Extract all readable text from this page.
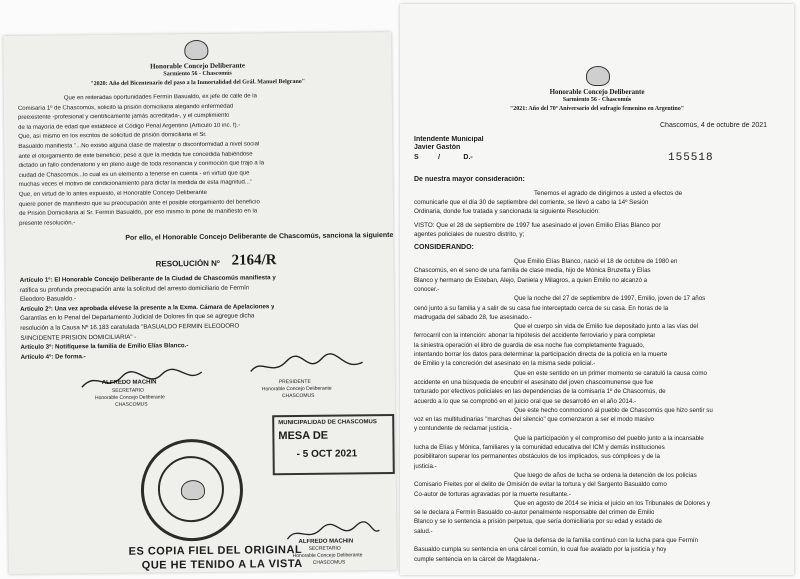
Honorable Concejo Deliberante
Sarmiento 56 - Chascomús
"2020: Año del Bicentenario del paso a la Inmortalidad del Grál. Manuel Belgrano"
Por ello, el Honorable Concejo Deliberante de Chascomús, sanciona la siguiente:
RESOLUCIÓN Nº 2164/R
ALFREDO MACHIN
SECRETARIO
Honorable Concejo Deliberante
CHASCOMUS
PRESIDENTE
Honorable Concejo Deliberante
CHASCOMUS
MUNICIPALIDAD DE CHASCOMUS
MESA DE
- 5 OCT 2021
ES COPIA FIEL DEL ORIGINAL
QUE HE TENIDO A LA VISTA
ALFREDO MACHIN
SECRETARIO
Honorable Concejo Deliberante
CHASCOMUS
Que en reiteradas oportunidades Fermín Basualdo, ex jefe de calle de la
Comisaría 1º de Chascomús, solicitó la prisión domiciliaria alegando enfermedad
preexistente -profesional y científicamente jamás acreditada-, y el cumplimiento
de la mayoría de edad que establece el Código Penal Argentino (Artículo 10 inc. f).-
Que, así mismo en los escritos de solicitud de prisión domiciliaria el Sr.
Basualdo manifiesta "...No existió alguna clase de malestar o disconformidad a nivel social
ante el otorgamiento de este beneficio; pese a que la medida fue concedida habiéndose
dictado un fallo condenatorio y en pleno auge de toda resonancia y conmoción que trajo a la
ciudad de Chascomús...lo cual es un elemento a tenerse en cuenta - en virtud que que
muchas veces el motivo de condicionamiento para dictar la medida de esta magnitud..."
Que, en virtud de lo antes expuesto, el Honorable Concejo Deliberante
quiere poner de manifiesto que su preocupación ante el posible otorgamiento del beneficio
de Prisión Domiciliaria al Sr. Fermín Basualdo, por eso mismo lo pone de manifiesto en la
presente resolución.-
Artículo 1º: El Honorable Concejo Deliberante de la Ciudad de Chascomús manifiesta y
ratifica su profunda preocupación ante la solicitud del arresto domiciliario de Fermín
Eleodoro Basualdo.-
Artículo 2º: Una vez aprobada elévese la presente a la Exma. Cámara de Apelaciones y
Garantías en lo Penal del Departamento Judicial de Dolores fin que se agregue dicha
resolución a la Causa Nº 16.183 caratulada "BASUALDO FERMIN ELEODORO
S/INCIDENTE PRISION DOMICILIARIA" -
Artículo 3º: Notifíquese la familia de Emilio Elías Blanco.-
Artículo 4º: De forma.-
Honorable Concejo Deliberante
Sarmiento 56 - Chascomús
"2021: Año del 70º Aniversario del sufragio femenino en Argentino"
Chascomús, 4 de octubre de 2021
Intendente Municipal
Javier Gastón
S          /            D.-	155518
De nuestra mayor consideración:
Tenemos el agrado de dirigirnos a usted a efectos de
comunicarle que el día 30 de septiembre del corriente, se llevó a cabo la 14º Sesión
Ordinaria, donde fue tratada y sancionada la siguiente Resolución:
VISTO: Que el 28 de septiembre de 1997 fue asesinado el joven Emilio Elías Blanco por
agentes policiales de nuestro distrito, y;
CONSIDERANDO:
Que Emilio Elías Blanco, nació el 18 de octubre de 1980 en
Chascomús, en el seno de una familia de clase media, hijo de Mónica Bruzetta y Elías
Blanco y hermano de Esteban, Alejo, Daniela y Milagros, a quien Emilio no alcanzó a
conocer.-
Que la noche del 27 de septiembre de 1997, Emilio, joven de 17 años
cenó junto a su familia y a salir de su casa fue interceptado cerca de su casa. En horas de la
madrugada del sábado 28, fue asesinado.-
Que el cuerpo sin vida de Emilio fue depositado junto a las vías del
ferrocarril con la intención: abonar la hipótesis del accidente ferroviario y para completar
la siniestra operación el libro de guardia de esa noche fue completamente fraguado,
intentando borrar los datos para determinar la participación directa de la policía en la muerte
de Emilio y la concreción del asesinato en la misma sede policial.-
Que en este sentido en un primer momento se caratuló la causa como
accidente en una búsqueda de encubrir el asesinato del joven chascomunense que fue
torturado por efectivos policiales en las dependencias de la comisaría 1º de Chascomús, de
acuerdo a lo que se comprobó en el juicio oral que se desarrolló en el año 2014.-
Que este hecho conmocionó al pueblo de Chascomús que hizo sentir su
voz en las multitudinarias "marchas del silencio" que comenzaron a ser el modo masivo
y contundente de reclamar justicia.-
Que la participación y el compromiso del pueblo junto a la incansable
lucha de Elías y Mónica, familiares y la comunidad educativa del ICM y demás instituciones
posibilitaron superar los permanentes obstáculos de los implicados, sus cómplices y de la
justicia.-
Que luego de años de lucha se ordena la detención de los policías
Comisario Freites por el delito de Omisión de evitar la tortura y del Sargento Basualdo como
Co-autor de torturas agravadas por la muerte resultante.-
Que en agosto de 2014 se inicia el juicio en los Tribunales de Dolores y
se le declara a Fermín Basualdo co-autor penalmente responsable del crimen de Emilio
Blanco y se lo sentencia a prisión perpetua, que sería domiciliaria por su edad y estado de
salud.-
Que la defensa de la familia continuó con la lucha para que Fermín
Basualdo cumpla su sentencia en una cárcel común, lo cual fue avalado por la justicia y hoy
cumple sentencia en la cárcel de Magdalena.-
